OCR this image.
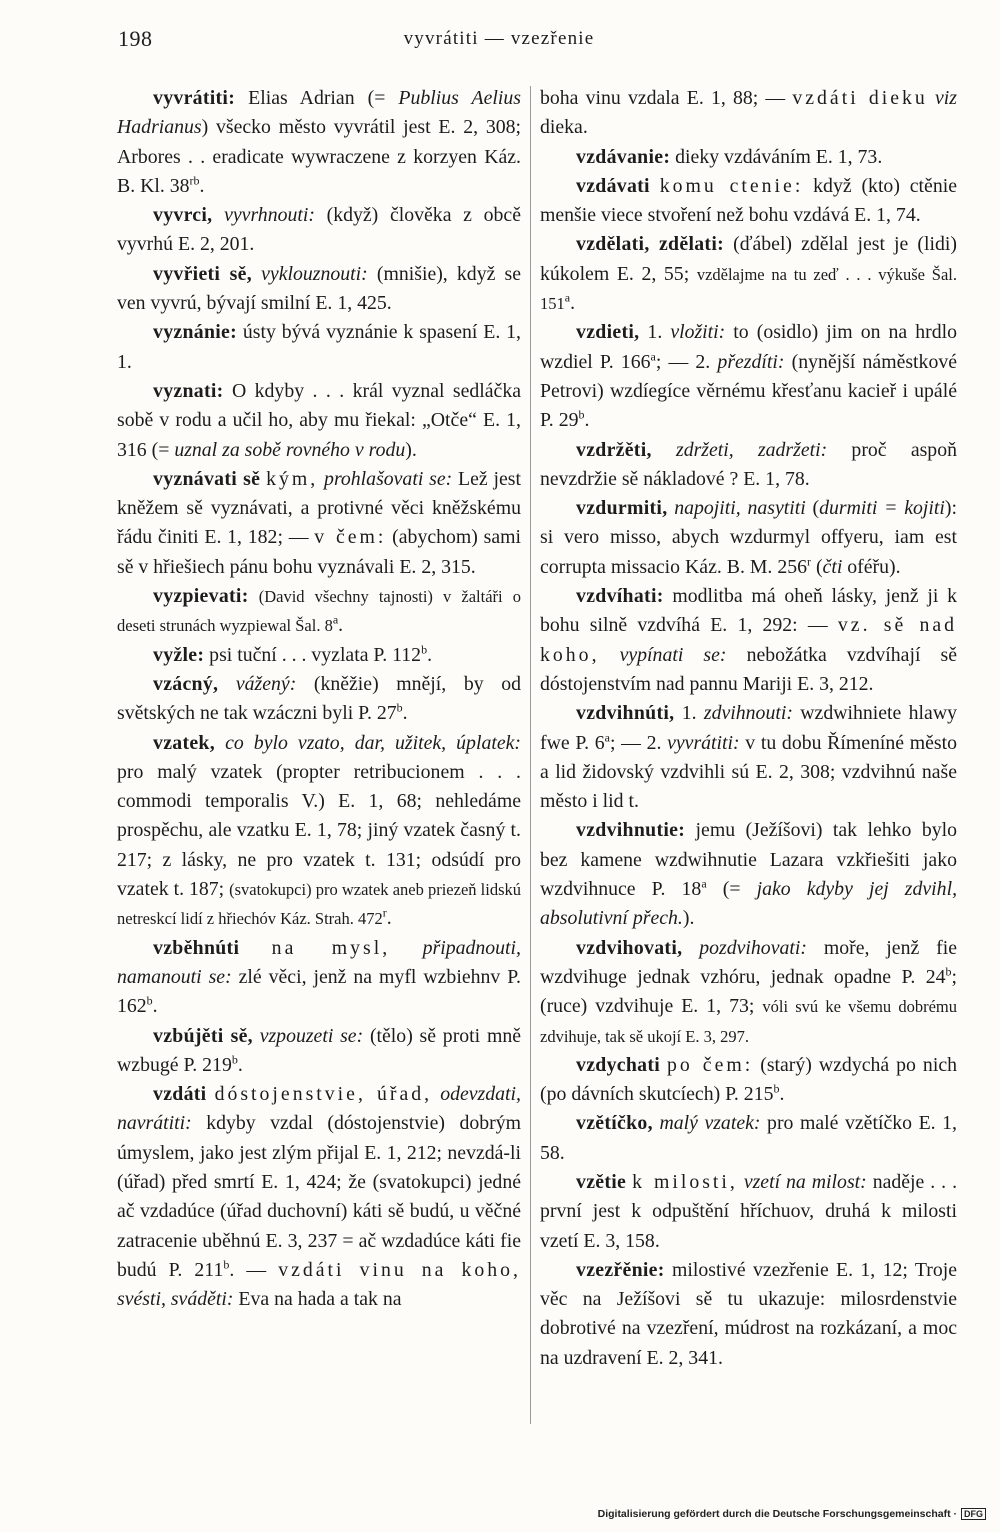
198	vyvrátiti — vzezřenie

vyvrátiti: Elias Adrian (= Publius Aelius Hadrianus) všecko město vyvrátil jest E. 2, 308; Arbores . . eradicate wywraczene z korzyen Káz. B. Kl. $38^{rb}$.

vyvrci, vyvrhnouti: (když) člověka z obcě vyvrhú E. 2, 201.

vyvřieti sě, vyklouznouti: (mnišie), když se ven vyvrú, bývají smilní E. 1, 425.

vyznánie: ústy bývá vyznánie k spasení E. 1, 1.

vyznati: O kdyby . . . král vyznal sedláčka sobě v rodu a učil ho, aby mu řiekal: „Otče“ E. 1, 316 (= uznal za sobě rovného v rodu).

vyznávati sě kým, prohlašovati se: Lež jest kněžem sě vyznávati, a protivné věci kněžskému řádu činiti E. 1, 182; — v čem: (abychom) sami sě v hřiešiech pánu bohu vyznávali E. 2, 315.

vyzpievati: (David všechny tajnosti) v žaltáři o deseti strunách wyzpiewal Šal. 8$^a$.

vyžle: psi tuční . . . vyzlata P. 112$^b$.

vzácný, vážený: (kněžie) mnějí, by od světských ne tak wzáczni byli P. 27$^b$.

vzatek, co bylo vzato, dar, užitek, úplatek: pro malý vzatek (propter retribucionem . . . commodi temporalis V.) E. 1, 68; nehledáme prospěchu, ale vzatku E. 1, 78; jiný vzatek časný t. 217; z lásky, ne pro vzatek t. 131; odsúdí pro vzatek t. 187; (svatokupci) pro wzatek aneb priezeň lidskú netreskcí lidí z hřiechóv Káz. Strah. 472$^r$.

vzběhnúti na mysl, připadnouti, namanouti se: zlé věci, jenž na myfl wzbiehnv P. 162$^b$.

vzbújěti sě, vzpouzeti se: (tělo) sě proti mně wzbugé P. 219$^b$.

vzdáti dóstojenstvie, úřad, odevzdati, navrátiti: kdyby vzdal (dóstojenstvie) dobrým úmyslem, jako jest zlým přijal E. 1, 212; nevzdá-li (úřad) před smrtí E. 1, 424; že (svatokupci) jedné ač vzdadúce (úřad duchovní) káti sě budú, u věčné zatracenie uběhnú E. 3, 237 = ač wzdadúce káti fie budú P. 211$^b$. — vzdáti vinu na koho, svésti, sváděti: Eva na hada a tak na

boha vinu vzdala E. 1, 88; — vzdáti dieku viz dieka.

vzdávanie: dieky vzdáváním E. 1, 73.

vzdávati komu ctenie: když (kto) ctěnie menšie viece stvoření než bohu vzdává E. 1, 74.

vzdělati, zdělati: (ďábel) zdělal jest je (lidi) kúkolem E. 2, 55; vzdělajme na tu zeď . . . výkuše Šal. 151$^a$.

vzdieti, 1. vložiti: to (osidlo) jim on na hrdlo wzdiel P. 166$^a$; — 2. přezdíti: (nynější náměstkové Petrovi) wzdíegíce věrnému křesťanu kacieř i upálé P. 29$^b$.

vzdržěti, zdržeti, zadržeti: proč aspoň nevzdržie sě nákladové ? E. 1, 78.

vzdurmiti, napojiti, nasytiti (durmiti = kojiti): si vero misso, abych wzdurmyl offyeru, iam est corrupta missacio Káz. B. M. 256$^r$ (čti oféřu).

vzdvíhati: modlitba má oheň lásky, jenž ji k bohu silně vzdvíhá E. 1, 292: — vz. sě nad koho, vypínati se: nebožátka vzdvíhají sě dóstojenstvím nad pannu Mariji E. 3, 212.

vzdvihnúti, 1. zdvihnouti: wzdwihniete hlawy fwe P. 6$^a$; — 2. vyvrátiti: v tu dobu Římeníné město a lid židovský vzdvihli sú E. 2, 308; vzdvihnú naše město i lid t.

vzdvihnutie: jemu (Ježíšovi) tak lehko bylo bez kamene wzdwihnutie Lazara vzkřiešiti jako wzdvihnuce P. 18$^a$ (= jako kdyby jej zdvihl, absolutivní přech.).

vzdvihovati, pozdvihovati: moře, jenž fie wzdvihuge jednak vzhóru, jednak opadne P. 24$^b$; (ruce) vzdvihuje E. 1, 73; vóli svú ke všemu dobrému zdvihuje, tak sě ukojí E. 3, 297.

vzdychati po čem: (starý) wzdychá po nich (po dávních skutcíech) P. 215$^b$.

vzětíčko, malý vzatek: pro malé vzětíčko E. 1, 58.

vzětie k milosti, vzetí na milost: naděje . . . první jest k odpuštění hříchuov, druhá k milosti vzetí E. 3, 158.

vzezřěnie: milostivé vzezřenie E. 1, 12; Troje věc na Ježíšovi sě tu ukazuje: milosrdenstvie dobrotivé na vzezření, múdrost na rozkázaní, a moc na uzdravení E. 2, 341.

Digitalisierung gefördert durch die Deutsche Forschungsgemeinschaft · DFG
